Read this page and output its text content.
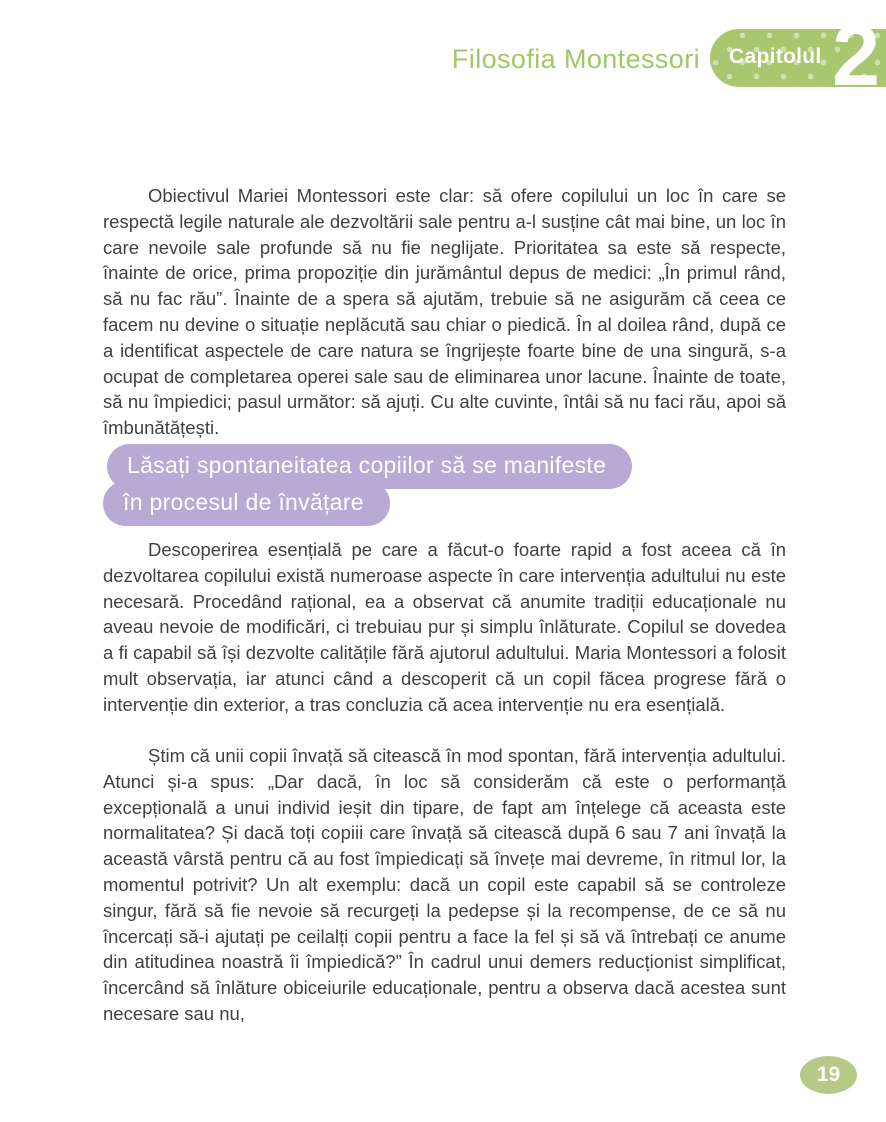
Filosofia Montessori Capitolul 2

Obiectivul Mariei Montessori este clar: să ofere copilului un loc în care se respectă legile naturale ale dezvoltării sale pentru a-l susține cât mai bine, un loc în care nevoile sale profunde să nu fie neglijate. Prioritatea sa este să respecte, înainte de orice, prima propoziție din jurământul depus de medici: „În primul rând, să nu fac rău”. Înainte de a spera să ajutăm, trebuie să ne asigurăm că ceea ce facem nu devine o situație neplăcută sau chiar o piedică. În al doilea rând, după ce a identificat aspectele de care natura se îngrijește foarte bine de una singură, s-a ocupat de completarea operei sale sau de eliminarea unor lacune. Înainte de toate, să nu împiedici; pasul următor: să ajuți. Cu alte cuvinte, întâi să nu faci rău, apoi să îmbunătățești.

Lăsați spontaneitatea copiilor să se manifeste
în procesul de învățare

Descoperirea esențială pe care a făcut-o foarte rapid a fost aceea că în dezvoltarea copilului există numeroase aspecte în care intervenția adultului nu este necesară. Procedând rațional, ea a observat că anumite tradiții educaționale nu aveau nevoie de modificări, ci trebuiau pur și simplu înlăturate. Copilul se dovedea a fi capabil să își dezvolte calitățile fără ajutorul adultului. Maria Montessori a folosit mult observația, iar atunci când a descoperit că un copil făcea progrese fără o intervenție din exterior, a tras concluzia că acea intervenție nu era esențială.

Știm că unii copii învață să citească în mod spontan, fără intervenția adultului. Atunci și-a spus: „Dar dacă, în loc să considerăm că este o performanță excepțională a unui individ ieșit din tipare, de fapt am înțelege că aceasta este normalitatea? Și dacă toți copiii care învață să citească după 6 sau 7 ani învață la această vârstă pentru că au fost împiedicați să învețe mai devreme, în ritmul lor, la momentul potrivit? Un alt exemplu: dacă un copil este capabil să se controleze singur, fără să fie nevoie să recurgeți la pedepse și la recompense, de ce să nu încercați să-i ajutați pe ceilalți copii pentru a face la fel și să vă întrebați ce anume din atitudinea noastră îi împiedică?” În cadrul unui demers reducționist simplificat, încercând să înlăture obiceiurile educaționale, pentru a observa dacă acestea sunt necesare sau nu,

19
